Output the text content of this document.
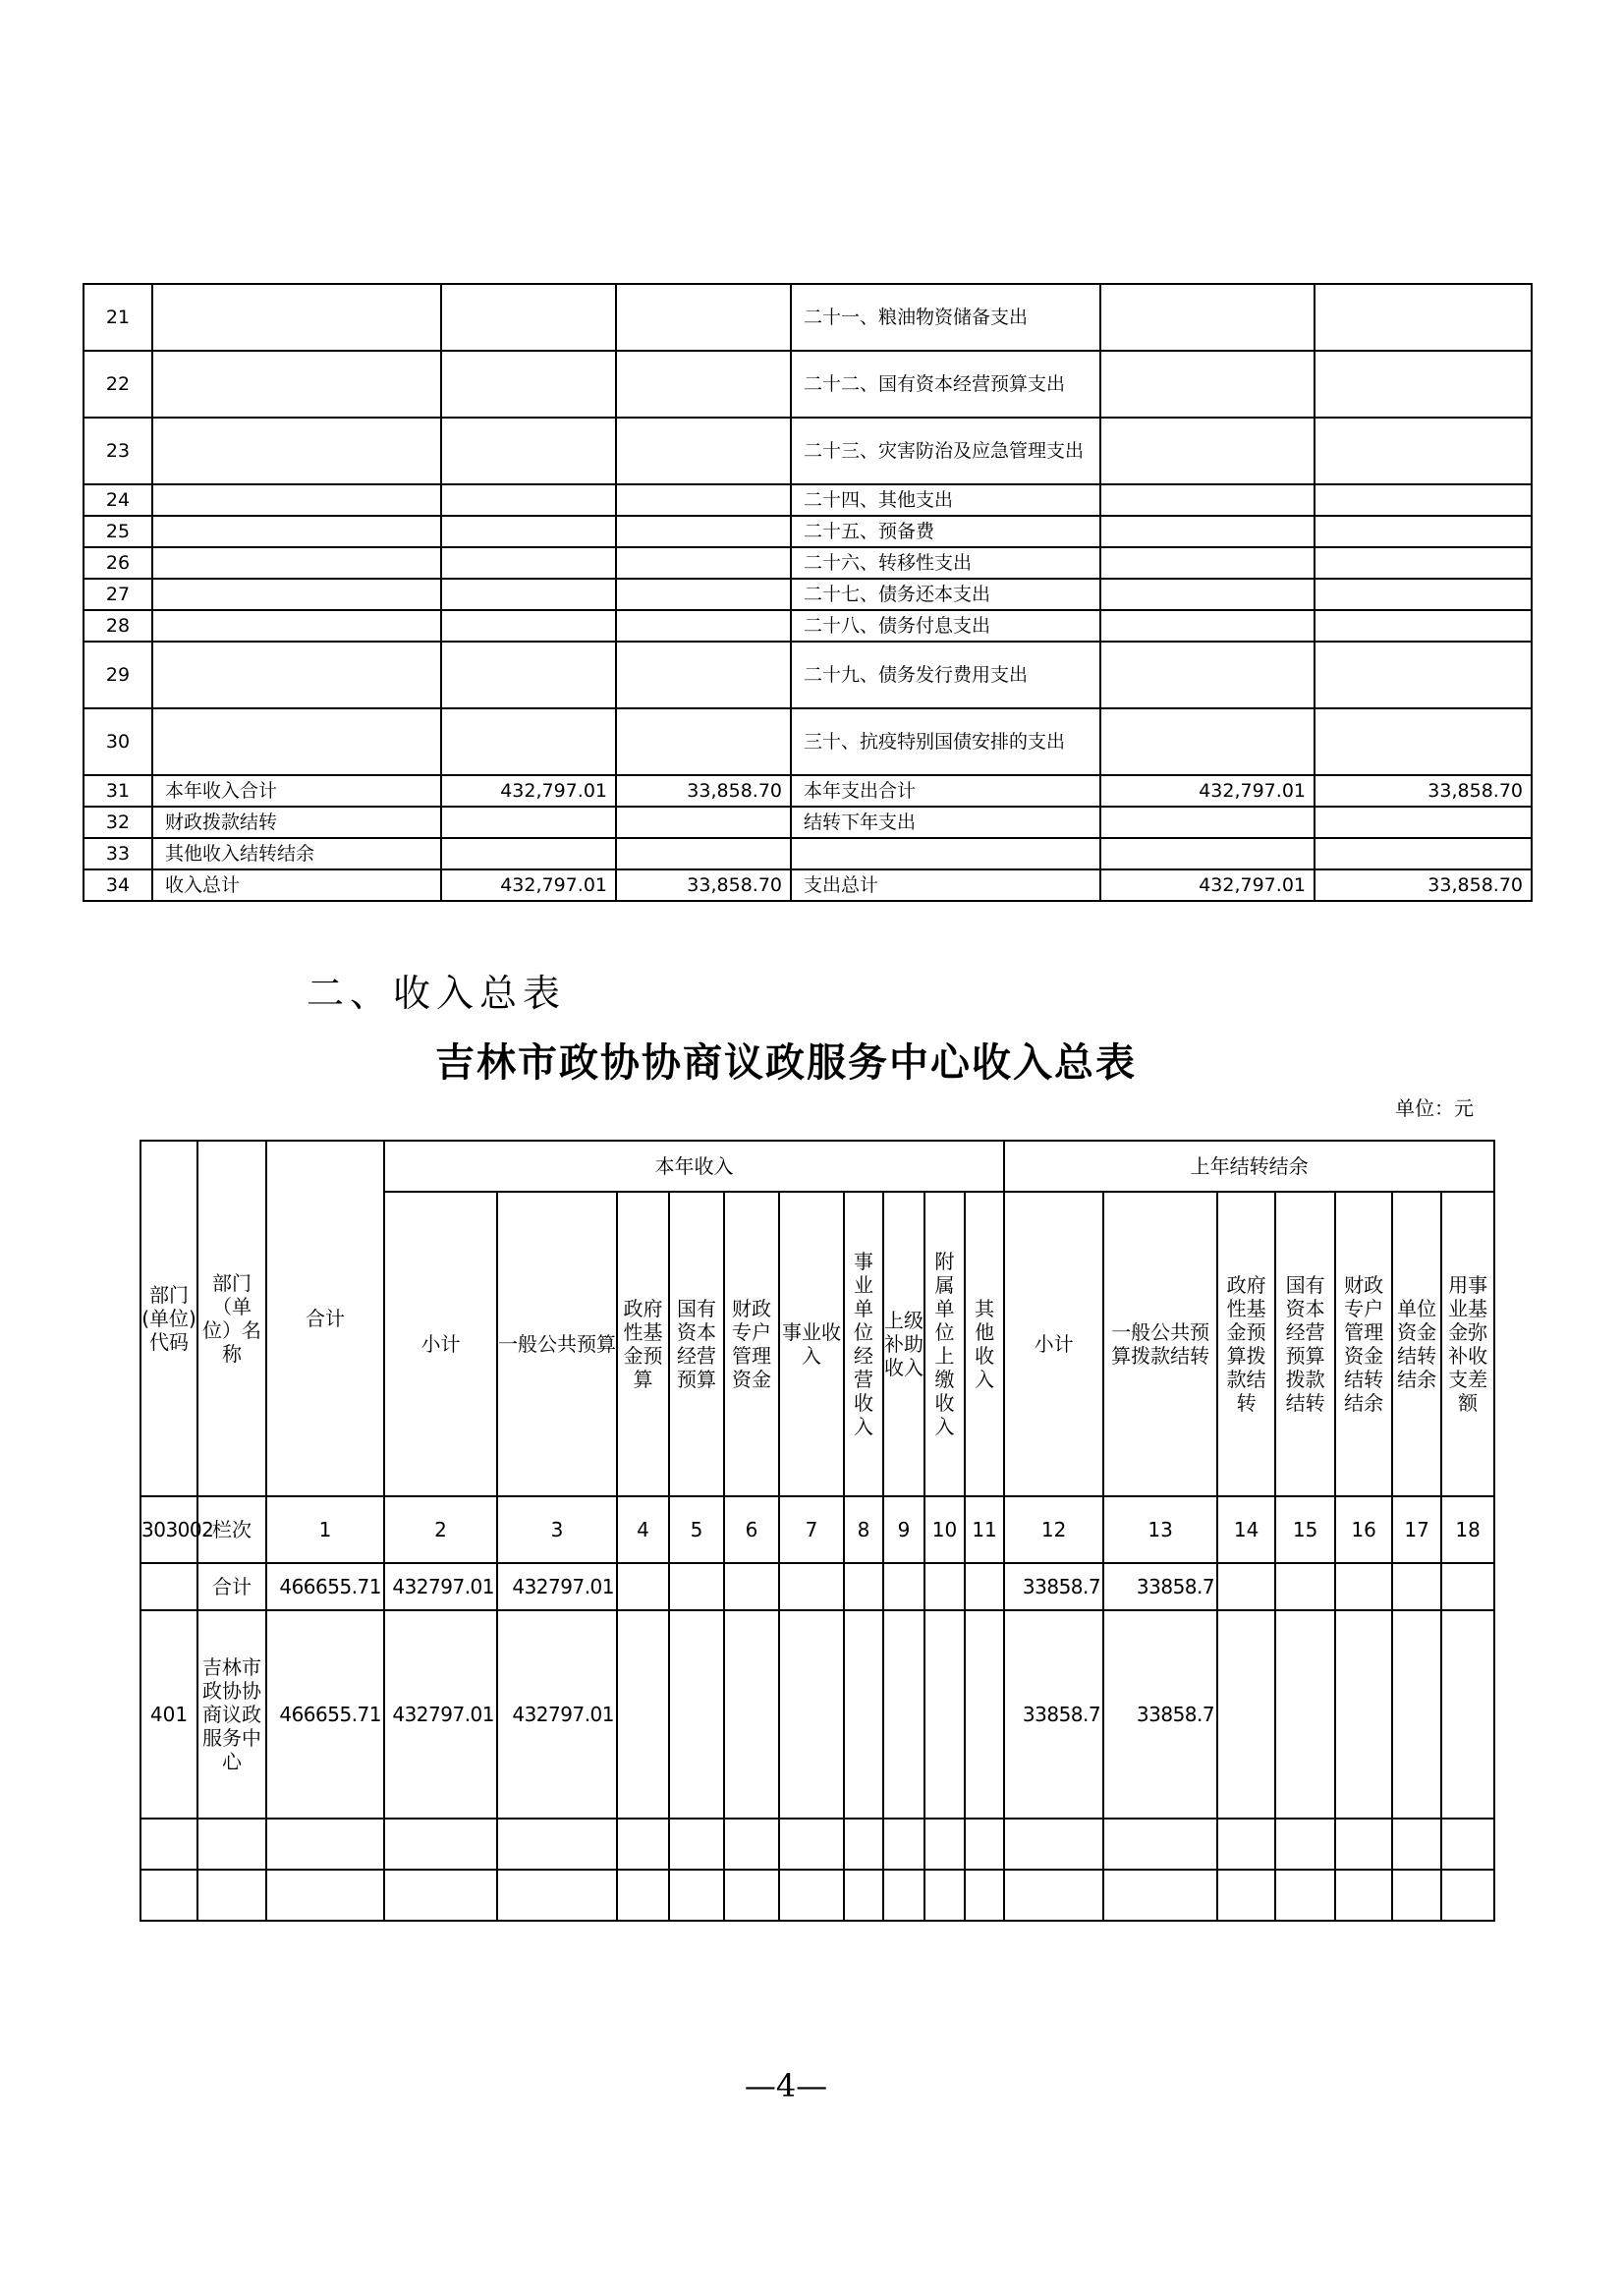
21				二十一、粮油物资储备支出		
22				二十二、国有资本经营预算支出		
23				二十三、灾害防治及应急管理支出		
24				二十四、其他支出		
25				二十五、预备费		
26				二十六、转移性支出		
27				二十七、债务还本支出		
28				二十八、债务付息支出		
29				二十九、债务发行费用支出		
30				三十、抗疫特别国债安排的支出		
31	本年收入合计	432,797.01	33,858.70	本年支出合计	432,797.01	33,858.70
32	财政拨款结转			结转下年支出		
33	其他收入结转结余					
34	收入总计	432,797.01	33,858.70	支出总计	432,797.01	33,858.70
二、收入总表
吉林市政协协商议政服务中心收入总表
单位：元
部门(单位)代码	部门（单位）名称	合计	本年收入										上年结转结余						
			小计	一般公共预算	政府性基金预算	国有资本经营预算	财政专户管理资金	事业收入	事业单位经营收入	上级补助收入	附属单位上缴收入	其他收入	小计	一般公共预算拨款结转	政府性基金预算拨款结转	国有资本经营预算拨款结转	财政专户管理资金结转结余	单位资金结转结余	用事业基金弥补收支差额
303002	栏次	1	2	3	4	5	6	7	8	9	10	11	12	13	14	15	16	17	18
	合计	466655.71	432797.01	432797.01									33858.7	33858.7					
401	吉林市政协协商议政服务中心	466655.71	432797.01	432797.01									33858.7	33858.7					

—4—
